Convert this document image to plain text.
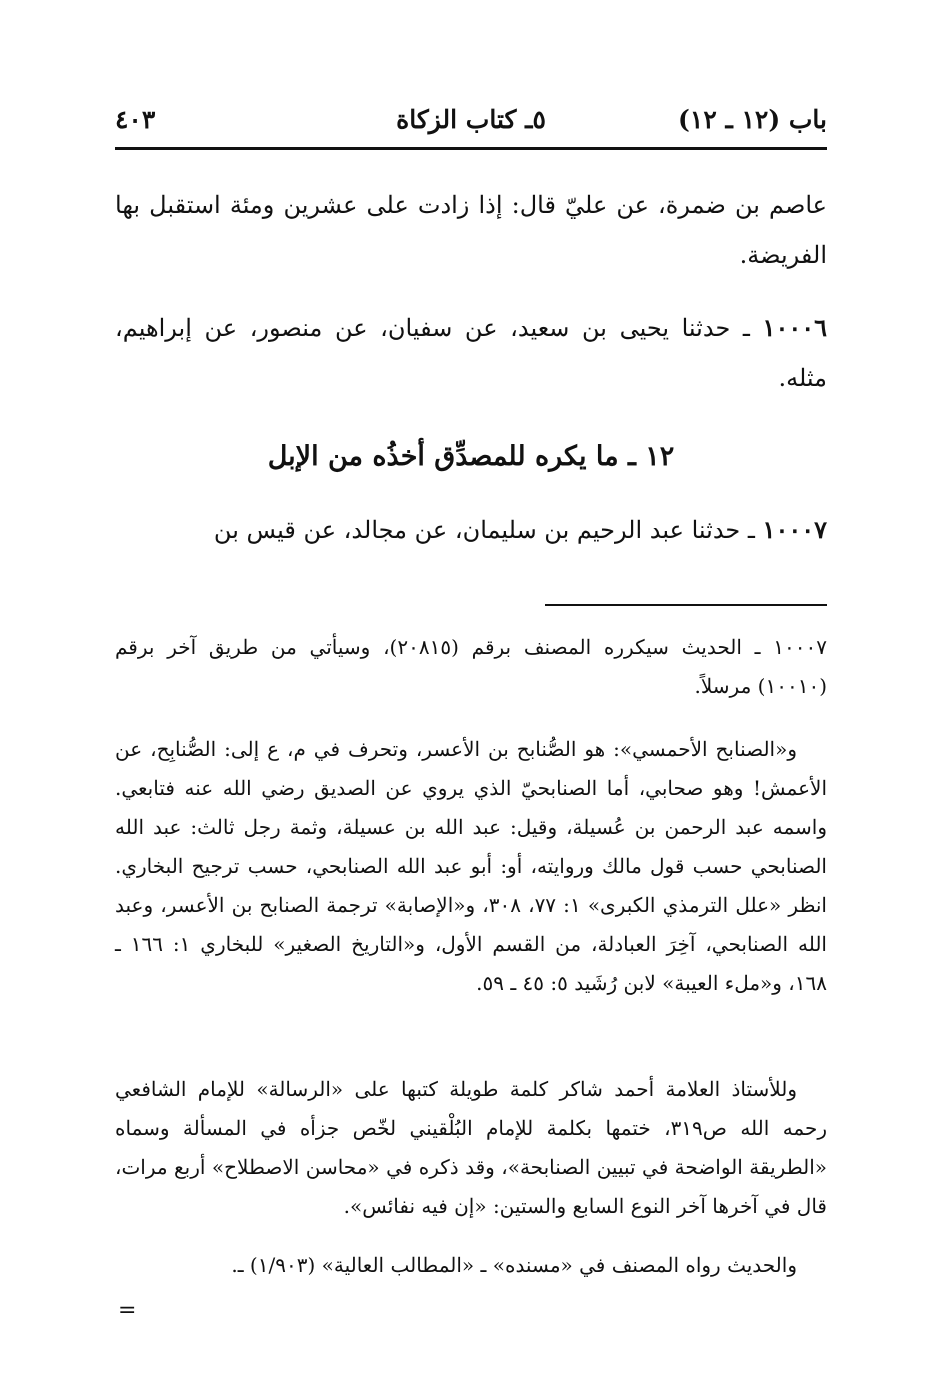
باب (١٢ ـ ١٢)
٥ـ كتاب الزكاة
٤٠٣

عاصم بن ضمرة، عن عليّ قال: إذا زادت على عشرين ومئة استقبل بها الفريضة.

١٠٠٠٦ ـ حدثنا يحيى بن سعيد، عن سفيان، عن منصور، عن إبراهيم، مثله.

١٢ ـ ما يكره للمصدِّق أخذُه من الإبل

١٠٠٠٧ ـ حدثنا عبد الرحيم بن سليمان، عن مجالد، عن قيس بن

١٠٠٠٧ ـ الحديث سيكرره المصنف برقم (٢٠٨١٥)، وسيأتي من طريق آخر برقم (١٠٠١٠) مرسلاً.

و«الصنابح الأحمسي»: هو الصُّنابح بن الأعسر، وتحرف في م، ع إلى: الصُّنابِح، عن الأعمش! وهو صحابي، أما الصنابحيّ الذي يروي عن الصديق رضي الله عنه فتابعي. واسمه عبد الرحمن بن عُسيلة، وقيل: عبد الله بن عسيلة، وثمة رجل ثالث: عبد الله الصنابحي حسب قول مالك وروايته، أو: أبو عبد الله الصنابحي، حسب ترجيح البخاري. انظر «علل الترمذي الكبرى» ١: ٧٧، ٣٠٨، و«الإصابة» ترجمة الصنابح بن الأعسر، وعبد الله الصنابحي، آخِرَ العبادلة، من القسم الأول، و«التاريخ الصغير» للبخاري ١: ١٦٦ ـ ١٦٨، و«ملء العيبة» لابن رُشَيد ٥: ٤٥ ـ ٥٩.

وللأستاذ العلامة أحمد شاكر كلمة طويلة كتبها على «الرسالة» للإمام الشافعي رحمه الله ص٣١٩، ختمها بكلمة للإمام البُلْقيني لخّص جزأه في المسألة وسماه «الطريقة الواضحة في تبيين الصنابحة»، وقد ذكره في «محاسن الاصطلاح» أربع مرات، قال في آخرها آخر النوع السابع والستين: «إن فيه نفائس».

والحديث رواه المصنف في «مسنده» ـ «المطالب العالية» (١/٩٠٣) ـ.

=
